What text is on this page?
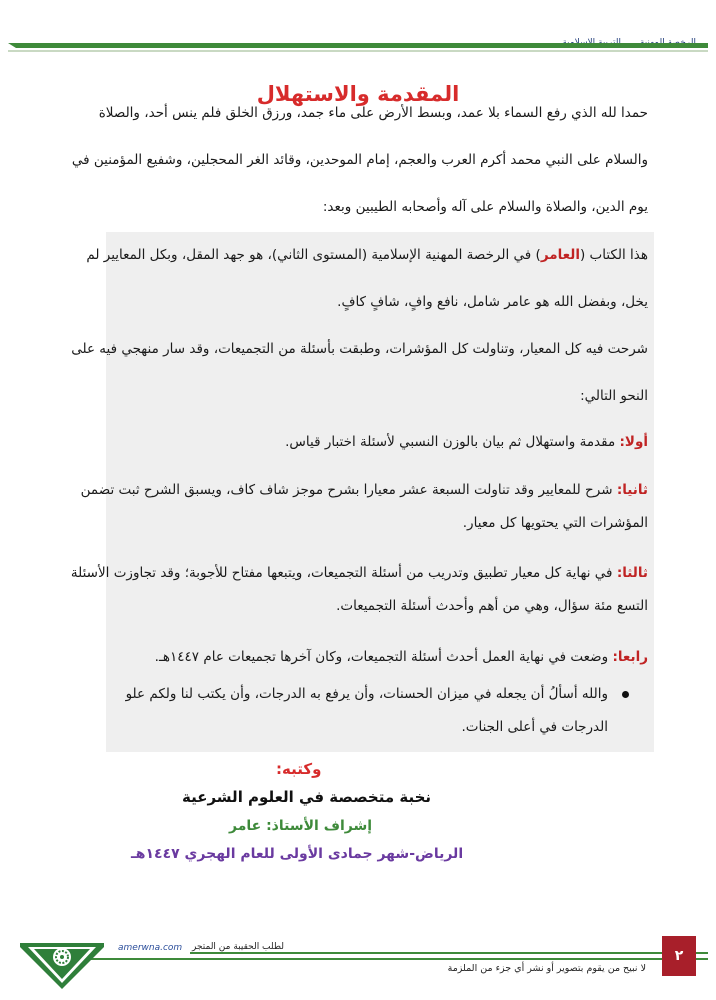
المقدمة والاستهلال

حمدا لله الذي رفع السماء بلا عمد، وبسط الأرض على ماء جمد، ورزق الخلق فلم ينس أحد، والصلاة والسلام على النبي محمد أكرم العرب والعجم، إمام الموحدين، وقائد الغر المحجلين، وشفيع المؤمنين في يوم الدين، والصلاة والسلام على آله وأصحابه الطيبين وبعد:

هذا الكتاب (العامر) في الرخصة المهنية الإسلامية (المستوى الثاني)، هو جهد المقل، وبكل المعايير لم يخل، وبفضل الله هو عامر شامل، نافع وافٍ، شافٍ كافٍ.

شرحت فيه كل المعيار، وتناولت كل المؤشرات، وطبقت بأسئلة من التجميعات، وقد سار منهجي فيه على النحو التالي:

أولا: مقدمة واستهلال ثم بيان بالوزن النسبي لأسئلة اختبار قياس.

ثانيا: شرح للمعايير وقد تناولت السبعة عشر معيارا بشرح موجز شاف كاف، ويسبق الشرح ثبت تضمن المؤشرات التي يحتويها كل معيار.

ثالثا: في نهاية كل معيار تطبيق وتدريب من أسئلة التجميعات، ويتبعها مفتاح للأجوبة؛ وقد تجاوزت الأسئلة التسع مئة سؤال، وهي من أهم وأحدث أسئلة التجميعات.

رابعا: وضعت في نهاية العمل أحدث أسئلة التجميعات، وكان آخرها تجميعات عام ١٤٤٧هـ.

والله أسألُ أن يجعله في ميزان الحسنات، وأن يرفع به الدرجات، وأن يكتب لنا ولكم علو الدرجات في أعلى الجنات.

وكتبه:
نخبة متخصصة في العلوم الشرعية
إشراف الأستاذ: عامر
الرياض-شهر جمادى الأولى للعام الهجري ١٤٤٧هـ
amerwna.com لطلب الحقيبة من المتجر
٢
لا نبيح من يقوم بتصوير أو نشر أي جزء من الملزمة
